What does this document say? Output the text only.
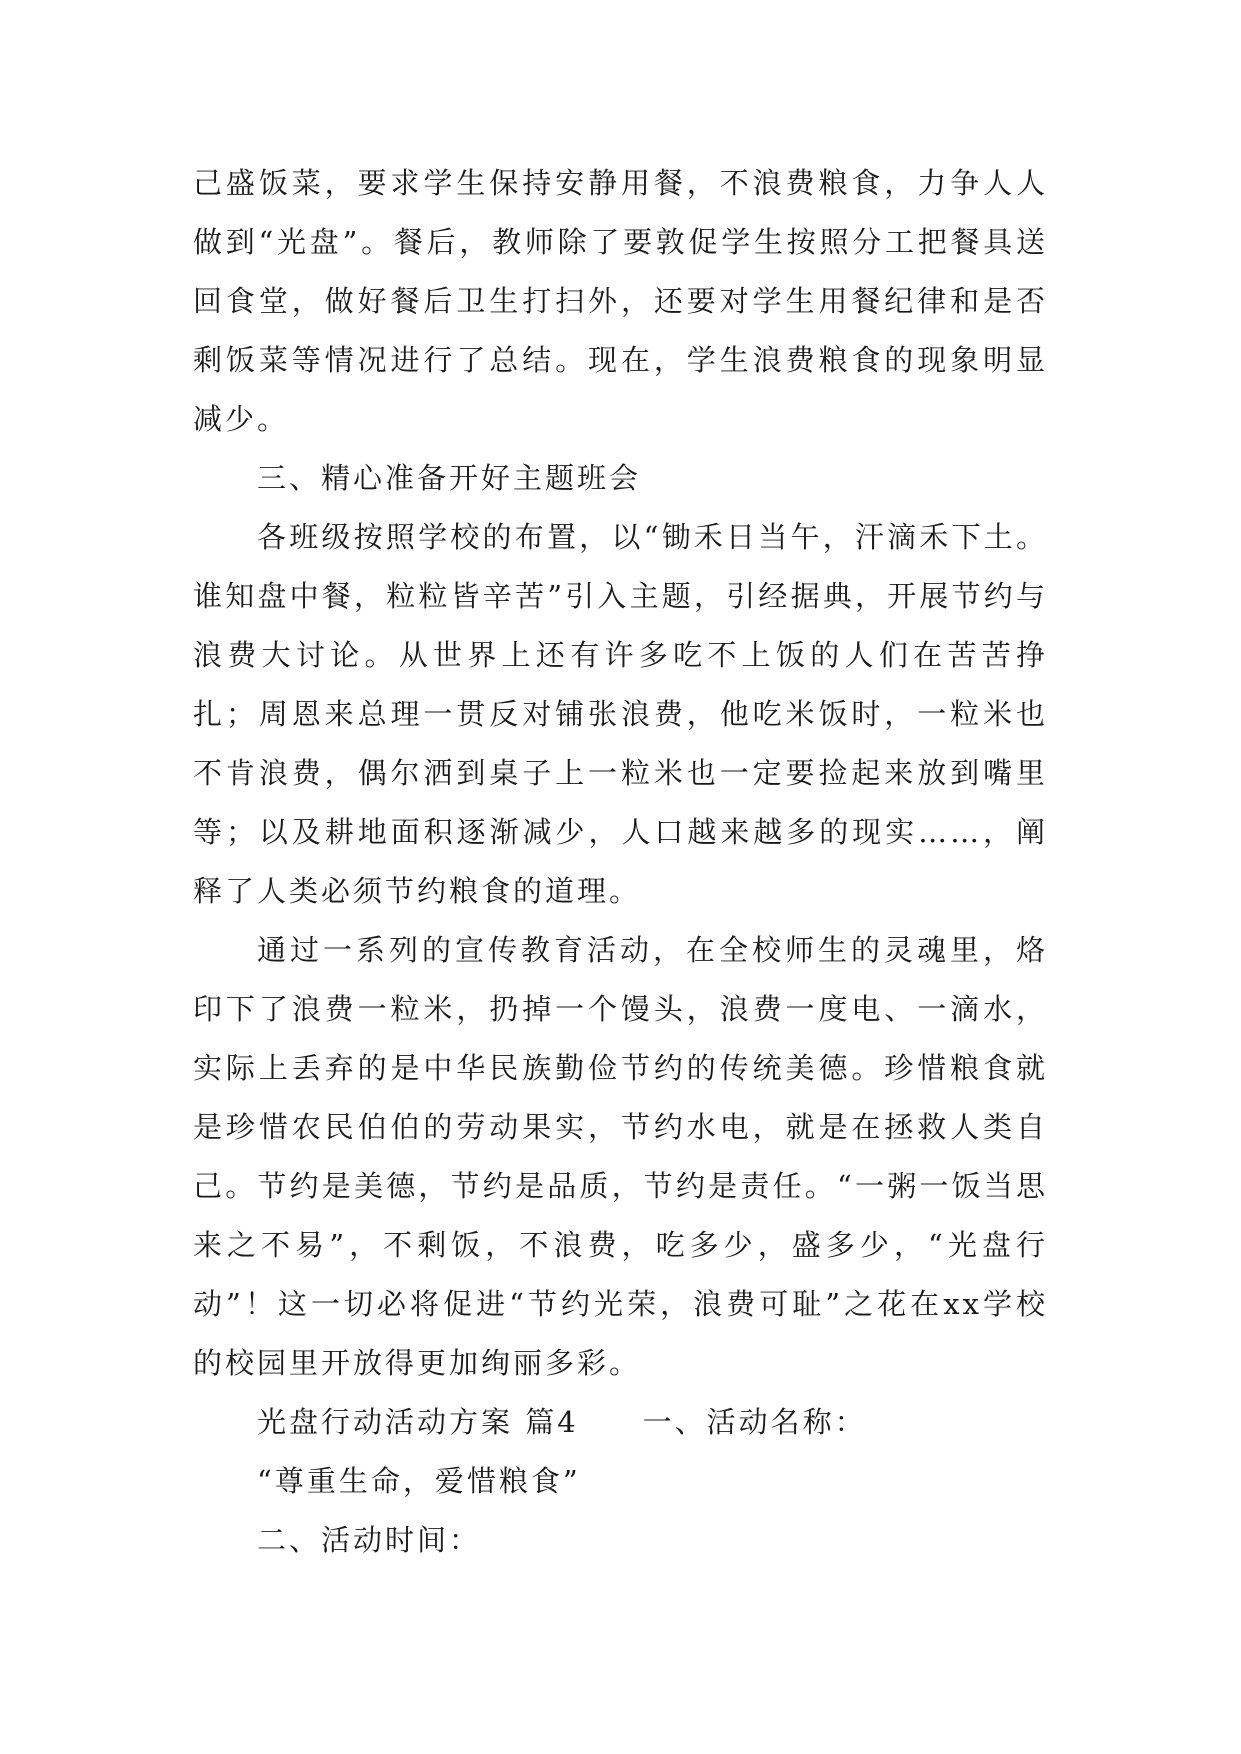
己盛饭菜，要求学生保持安静用餐，不浪费粮食，力争人人做到“光盘”。餐后，教师除了要敦促学生按照分工把餐具送回食堂，做好餐后卫生打扫外，还要对学生用餐纪律和是否剩饭菜等情况进行了总结。现在，学生浪费粮食的现象明显减少。

三、精心准备开好主题班会

各班级按照学校的布置，以“锄禾日当午，汗滴禾下土。谁知盘中餐，粒粒皆辛苦”引入主题，引经据典，开展节约与浪费大讨论。从世界上还有许多吃不上饭的人们在苦苦挣扎；周恩来总理一贯反对铺张浪费，他吃米饭时，一粒米也不肯浪费，偶尔洒到桌子上一粒米也一定要捡起来放到嘴里等；以及耕地面积逐渐减少，人口越来越多的现实……，阐释了人类必须节约粮食的道理。

通过一系列的宣传教育活动，在全校师生的灵魂里，烙印下了浪费一粒米，扔掉一个馒头，浪费一度电、一滴水，实际上丢弃的是中华民族勤俭节约的传统美德。珍惜粮食就是珍惜农民伯伯的劳动果实，节约水电，就是在拯救人类自己。节约是美德，节约是品质，节约是责任。“一粥一饭当思来之不易”，不剩饭，不浪费，吃多少，盛多少，“光盘行动”！这一切必将促进“节约光荣，浪费可耻”之花在xx学校的校园里开放得更加绚丽多彩。

光盘行动活动方案 篇4　　一、活动名称：

“尊重生命，爱惜粮食”

二、活动时间：
